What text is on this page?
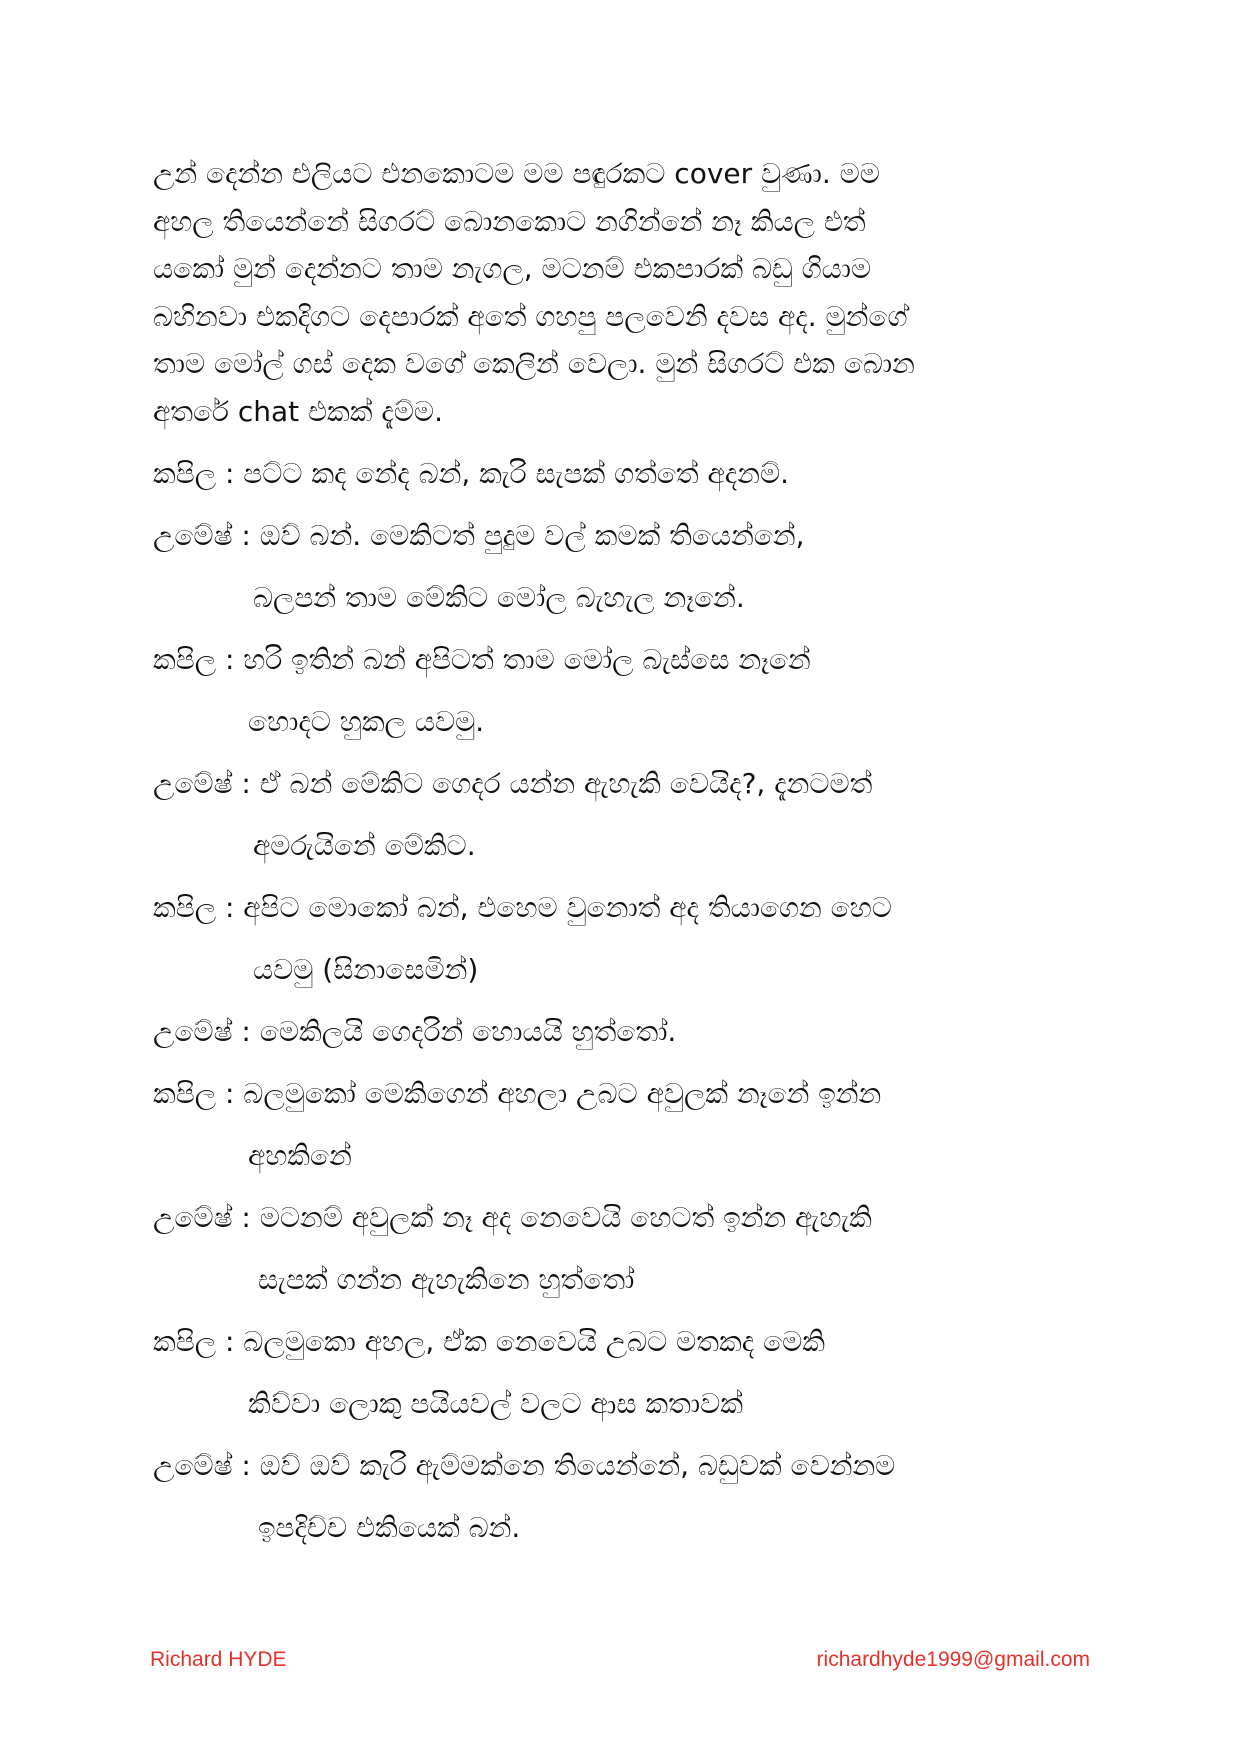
උන් දෙන්න එලියට එනකොටම මම පඳුරකට cover වුණා. මම
අහල තියෙන්නේ සිගරට් බොනකොට නගින්නේ නෑ කියල එත්
යකෝ මුන් දෙන්නට තාම නැගල, මටනම් එකපාරක් බඩු ගියාම
බහිනවා එකදිගට දෙපාරක් අතේ ගහපු පලවෙනි දවස අද. මුන්ගේ
තාම මෝල් ගස් දෙක වගේ කෙලින් වෙලා. මුන් සිගරට් එක බොන
අතරේ chat එකක් දැම්ම.
කපිල : පට්ට කද නේද බන්, කැරි සැපක් ගත්තේ අදනම්.
උමේෂ් : ඔව් බන්. මෙකිටත් පුදුම වල් කමක් තියෙන්නේ,
බලපන් තාම මේකිට මෝල බැහැල නෑනේ.
කපිල : හරි ඉතින් බන් අපිටත් තාම මෝල බැස්සෙ නෑනේ
හොදට හුකල යවමු.
උමේෂ් : ඒ බන් මේකිට ගෙදර යන්න ඇහැකි වෙයිද?, දැනටමත්
අමරුයිනේ මේකිට.
කපිල : අපිට මොකෝ බන්, එහෙම වුනොත් අද තියාගෙන හෙට
යවමු (සිනාසෙමින්)
උමේෂ් : මෙකිලයි ගෙදරින් හොයයි හුත්තෝ.
කපිල : බලමුකෝ මෙකිගෙන් අහලා උබට අවුලක් නෑනේ ඉන්න
අහකිනේ
උමේෂ් : මටනම් අවුලක් නෑ අද නෙවෙයි හෙටත් ඉන්න ඇහැකි
සැපක් ගන්න ඇහැකිනෙ හුත්තෝ
කපිල : බලමුකො අහල, ඒක නෙවෙයි උබට මතකද මෙකි
කිව්වා ලොකු පයියවල් වලට ආස කතාවක්
උමේෂ් : ඔව් ඔව් කැරි ඇම්මක්නෙ තියෙන්නේ, බඩුවක් වෙන්නම
ඉපදිච්ච එකියෙක් බන්.
Richard HYDE	richardhyde1999@gmail.com
